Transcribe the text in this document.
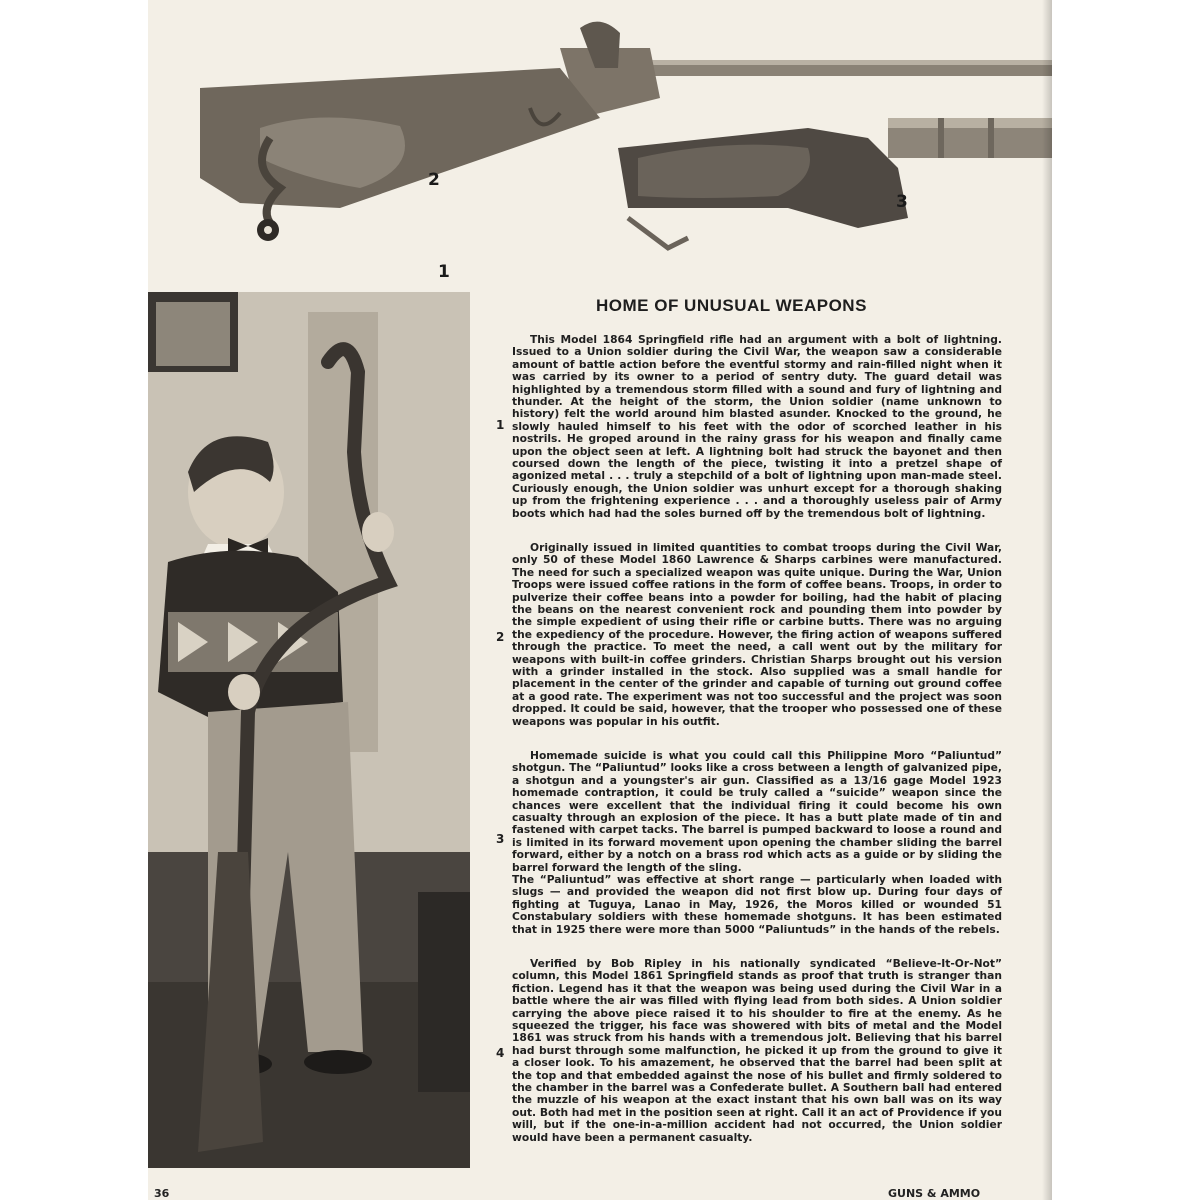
2
3
1
HOME OF UNUSUAL WEAPONS
1

This Model 1864 Springfield rifle had an argument with a bolt of lightning. Issued to a Union soldier during the Civil War, the weapon saw a considerable amount of battle action before the eventful stormy and rain-filled night when it was carried by its owner to a period of sentry duty. The guard detail was highlighted by a tremendous storm filled with a sound and fury of lightning and thunder. At the height of the storm, the Union soldier (name unknown to history) felt the world around him blasted asunder. Knocked to the ground, he slowly hauled himself to his feet with the odor of scorched leather in his nostrils. He groped around in the rainy grass for his weapon and finally came upon the object seen at left. A lightning bolt had struck the bayonet and then coursed down the length of the piece, twisting it into a pretzel shape of agonized metal . . . truly a stepchild of a bolt of lightning upon man-made steel. Curiously enough, the Union soldier was unhurt except for a thorough shaking up from the frightening experience . . . and a thoroughly useless pair of Army boots which had had the soles burned off by the tremendous bolt of lightning.

2

Originally issued in limited quantities to combat troops during the Civil War, only 50 of these Model 1860 Lawrence & Sharps carbines were manufactured. The need for such a specialized weapon was quite unique. During the War, Union Troops were issued coffee rations in the form of coffee beans. Troops, in order to pulverize their coffee beans into a powder for boiling, had the habit of placing the beans on the nearest convenient rock and pounding them into powder by the simple expedient of using their rifle or carbine butts. There was no arguing the expediency of the procedure. However, the firing action of weapons suffered through the practice. To meet the need, a call went out by the military for weapons with built-in coffee grinders. Christian Sharps brought out his version with a grinder installed in the stock. Also supplied was a small handle for placement in the center of the grinder and capable of turning out ground coffee at a good rate. The experiment was not too successful and the project was soon dropped. It could be said, however, that the trooper who possessed one of these weapons was popular in his outfit.

3

Homemade suicide is what you could call this Philippine Moro “Paliuntud” shotgun. The “Paliuntud” looks like a cross between a length of galvanized pipe, a shotgun and a youngster's air gun. Classified as a 13/16 gage Model 1923 homemade contraption, it could be truly called a “suicide” weapon since the chances were excellent that the individual firing it could become his own casualty through an explosion of the piece. It has a butt plate made of tin and fastened with carpet tacks. The barrel is pumped backward to loose a round and is limited in its forward movement upon opening the chamber sliding the barrel forward, either by a notch on a brass rod which acts as a guide or by sliding the barrel forward the length of the sling.

The “Paliuntud” was effective at short range — particularly when loaded with slugs — and provided the weapon did not first blow up. During four days of fighting at Tuguya, Lanao in May, 1926, the Moros killed or wounded 51 Constabulary soldiers with these homemade shotguns. It has been estimated that in 1925 there were more than 5000 “Paliuntuds” in the hands of the rebels.

4

Verified by Bob Ripley in his nationally syndicated “Believe-It-Or-Not” column, this Model 1861 Springfield stands as proof that truth is stranger than fiction. Legend has it that the weapon was being used during the Civil War in a battle where the air was filled with flying lead from both sides. A Union soldier carrying the above piece raised it to his shoulder to fire at the enemy. As he squeezed the trigger, his face was showered with bits of metal and the Model 1861 was struck from his hands with a tremendous jolt. Believing that his barrel had burst through some malfunction, he picked it up from the ground to give it a closer look. To his amazement, he observed that the barrel had been split at the top and that embedded against the nose of his bullet and firmly soldered to the chamber in the barrel was a Confederate bullet. A Southern ball had entered the muzzle of his weapon at the exact instant that his own ball was on its way out. Both had met in the position seen at right. Call it an act of Providence if you will, but if the one-in-a-million accident had not occurred, the Union soldier would have been a permanent casualty.

36	GUNS & AMMO
